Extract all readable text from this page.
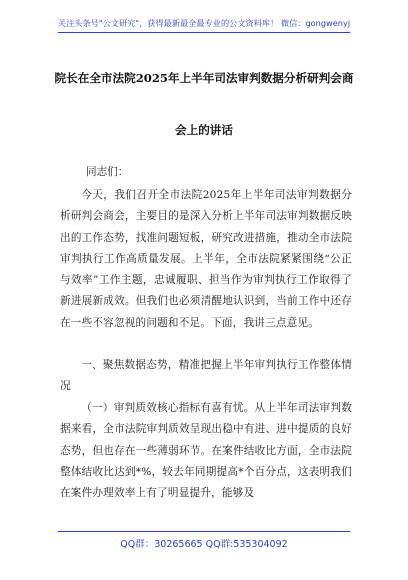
关注头条号"公文研究"，获得最新最全最专业的公文资料库！ 微信：gongwenyj
院长在全市法院2025年上半年司法审判数据分析研判会商
会上的讲话
同志们：
今天，我们召开全市法院2025年上半年司法审判数据分析研判会商会，主要目的是深入分析上半年司法审判数据反映出的工作态势，找准问题短板，研究改进措施，推动全市法院审判执行工作高质量发展。上半年，全市法院紧紧围绕“公正与效率”工作主题，忠诚履职、担当作为审判执行工作取得了新进展新成效。但我们也必须清醒地认识到，当前工作中还存在一些不容忽视的问题和不足。下面，我讲三点意见。
一、聚焦数据态势，精准把握上半年审判执行工作整体情况
（一）审判质效核心指标有喜有忧。从上半年司法审判数据来看，全市法院审判质效呈现出稳中有进、进中提质的良好态势，但也存在一些薄弱环节。在案件结收比方面，全市法院整体结收比达到*%，较去年同期提高*个百分点，这表明我们在案件办理效率上有了明显提升，能够及
QQ群：30265665 QQ群:535304092
